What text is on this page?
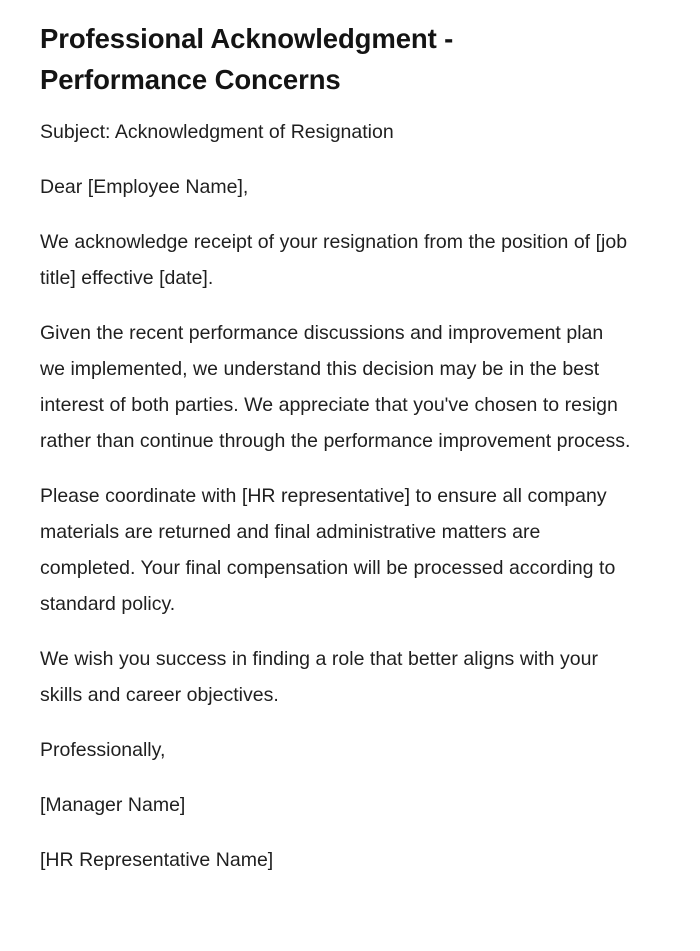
Professional Acknowledgment - Performance Concerns

Subject: Acknowledgment of Resignation

Dear [Employee Name],

We acknowledge receipt of your resignation from the position of [job title] effective [date].

Given the recent performance discussions and improvement plan we implemented, we understand this decision may be in the best interest of both parties. We appreciate that you've chosen to resign rather than continue through the performance improvement process.

Please coordinate with [HR representative] to ensure all company materials are returned and final administrative matters are completed. Your final compensation will be processed according to standard policy.

We wish you success in finding a role that better aligns with your skills and career objectives.

Professionally,

[Manager Name]

[HR Representative Name]
